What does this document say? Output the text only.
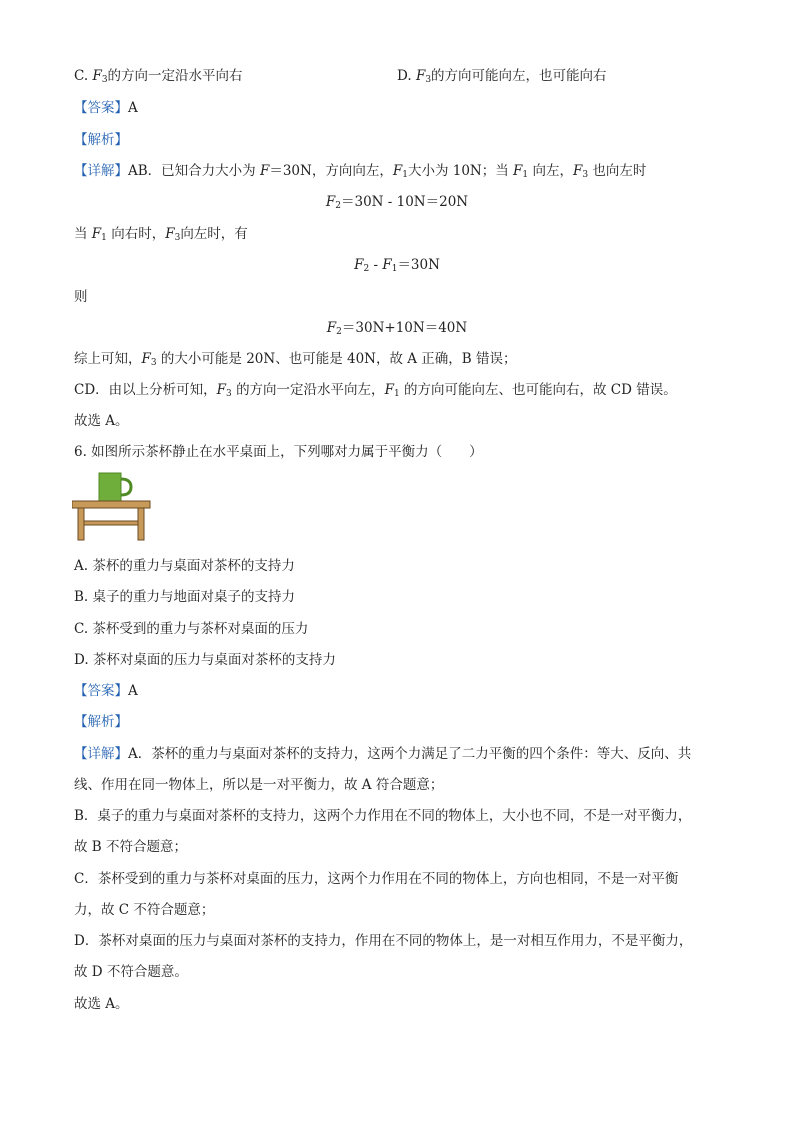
C. $F_3$的方向一定沿水平向右	D. $F_3$的方向可能向左，也可能向右
【答案】A
【解析】
【详解】AB．已知合力大小为 F＝30N，方向向左，$F_1$大小为 10N；当 $F_1$ 向左，$F_3$ 也向左时
$F_2=30N - 10N=20N$
当 $F_1$ 向右时，$F_3$向左时，有
$F_2 - F_1=30N$
则
$F_2=30N+10N=40N$
综上可知，$F_3$ 的大小可能是 20N、也可能是 40N，故 A 正确，B 错误；
CD．由以上分析可知，$F_3$ 的方向一定沿水平向左，$F_1$ 的方向可能向左、也可能向右，故 CD 错误。
故选 A。
6. 如图所示茶杯静止在水平桌面上，下列哪对力属于平衡力（　　）
A. 茶杯的重力与桌面对茶杯的支持力
B. 桌子的重力与地面对桌子的支持力
C. 茶杯受到的重力与茶杯对桌面的压力
D. 茶杯对桌面的压力与桌面对茶杯的支持力
【答案】A
【解析】
【详解】A．茶杯的重力与桌面对茶杯的支持力，这两个力满足了二力平衡的四个条件：等大、反向、共
线、作用在同一物体上，所以是一对平衡力，故 A 符合题意；
B．桌子的重力与桌面对茶杯的支持力，这两个力作用在不同的物体上，大小也不同，不是一对平衡力，
故 B 不符合题意；
C．茶杯受到的重力与茶杯对桌面的压力，这两个力作用在不同的物体上，方向也相同，不是一对平衡
力，故 C 不符合题意；
D．茶杯对桌面的压力与桌面对茶杯的支持力，作用在不同的物体上，是一对相互作用力，不是平衡力，
故 D 不符合题意。
故选 A。
